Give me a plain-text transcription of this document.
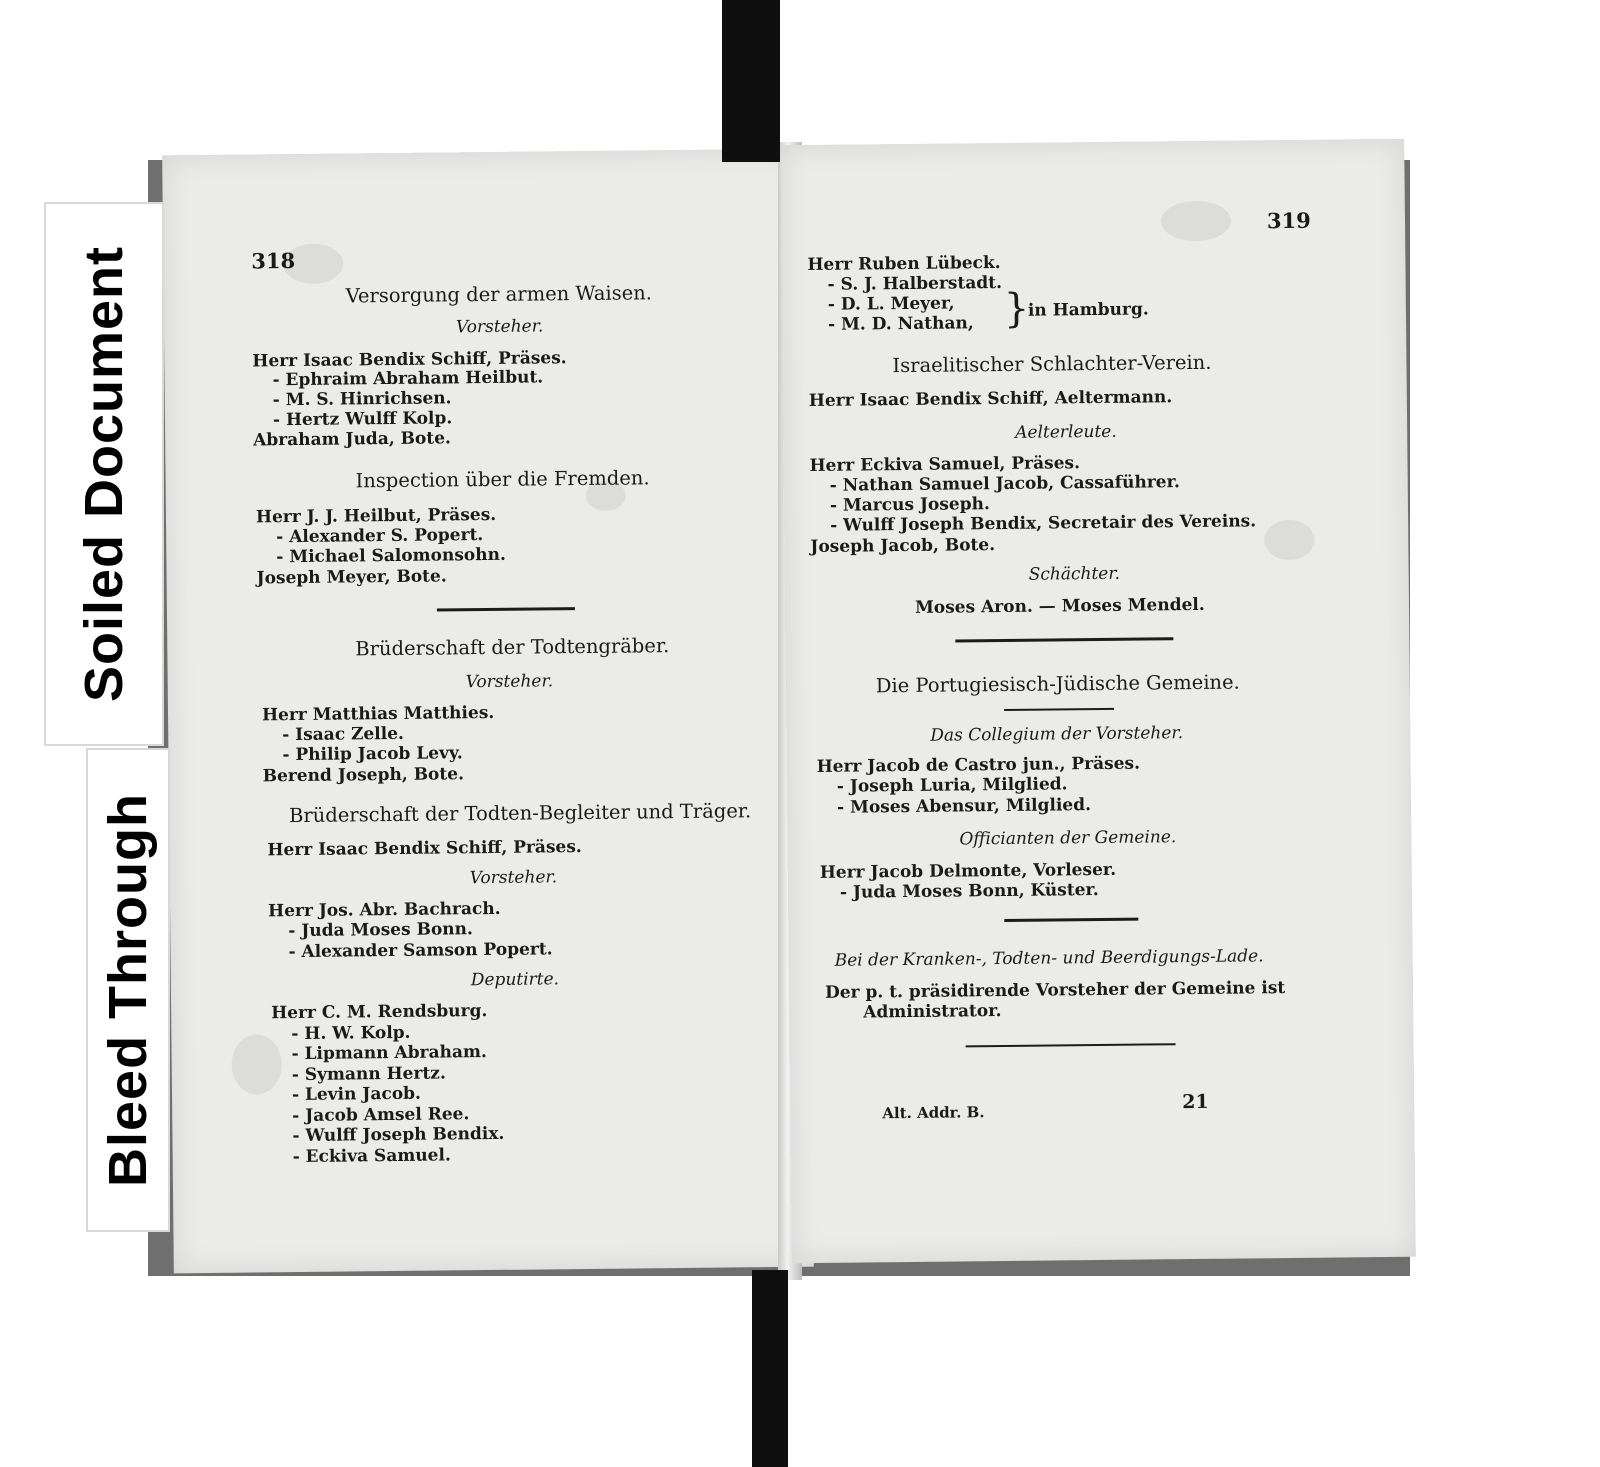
318
Versorgung der armen Waisen.
Vorsteher.
Herr Isaac Bendix Schiff, Präses.
- Ephraim Abraham Heilbut.
- M. S. Hinrichsen.
- Hertz Wulff Kolp.
Abraham Juda, Bote.
Inspection über die Fremden.
Herr J. J. Heilbut, Präses.
- Alexander S. Popert.
- Michael Salomonsohn.
Joseph Meyer, Bote.
Brüderschaft der Todtengräber.
Vorsteher.
Herr Matthias Matthies.
- Isaac Zelle.
- Philip Jacob Levy.
Berend Joseph, Bote.
Brüderschaft der Todten-Begleiter und Träger.
Herr Isaac Bendix Schiff, Präses.
Vorsteher.
Herr Jos. Abr. Bachrach.
- Juda Moses Bonn.
- Alexander Samson Popert.
Deputirte.
Herr C. M. Rendsburg.
- H. W. Kolp.
- Lipmann Abraham.
- Symann Hertz.
- Levin Jacob.
- Jacob Amsel Ree.
- Wulff Joseph Bendix.
- Eckiva Samuel.
319
Herr Ruben Lübeck.
- S. J. Halberstadt.
- D. L. Meyer,
- M. D. Nathan, }
in Hamburg.
Israelitischer Schlachter-Verein.
Herr Isaac Bendix Schiff, Aeltermann.
Aelterleute.
Herr Eckiva Samuel, Präses.
- Nathan Samuel Jacob, Cassaführer.
- Marcus Joseph.
- Wulff Joseph Bendix, Secretair des Vereins.
Joseph Jacob, Bote.
Schächter.
Moses Aron. — Moses Mendel.
Die Portugiesisch-Jüdische Gemeine.
Das Collegium der Vorsteher.
Herr Jacob de Castro jun., Präses.
- Joseph Luria, Milglied.
- Moses Abensur, Milglied.
Officianten der Gemeine.
Herr Jacob Delmonte, Vorleser.
- Juda Moses Bonn, Küster.
Bei der Kranken-, Todten- und Beerdigungs-Lade.
Der p. t. präsidirende Vorsteher der Gemeine ist
Administrator.
Alt. Addr. B.	21
Soiled Document
Bleed Through
